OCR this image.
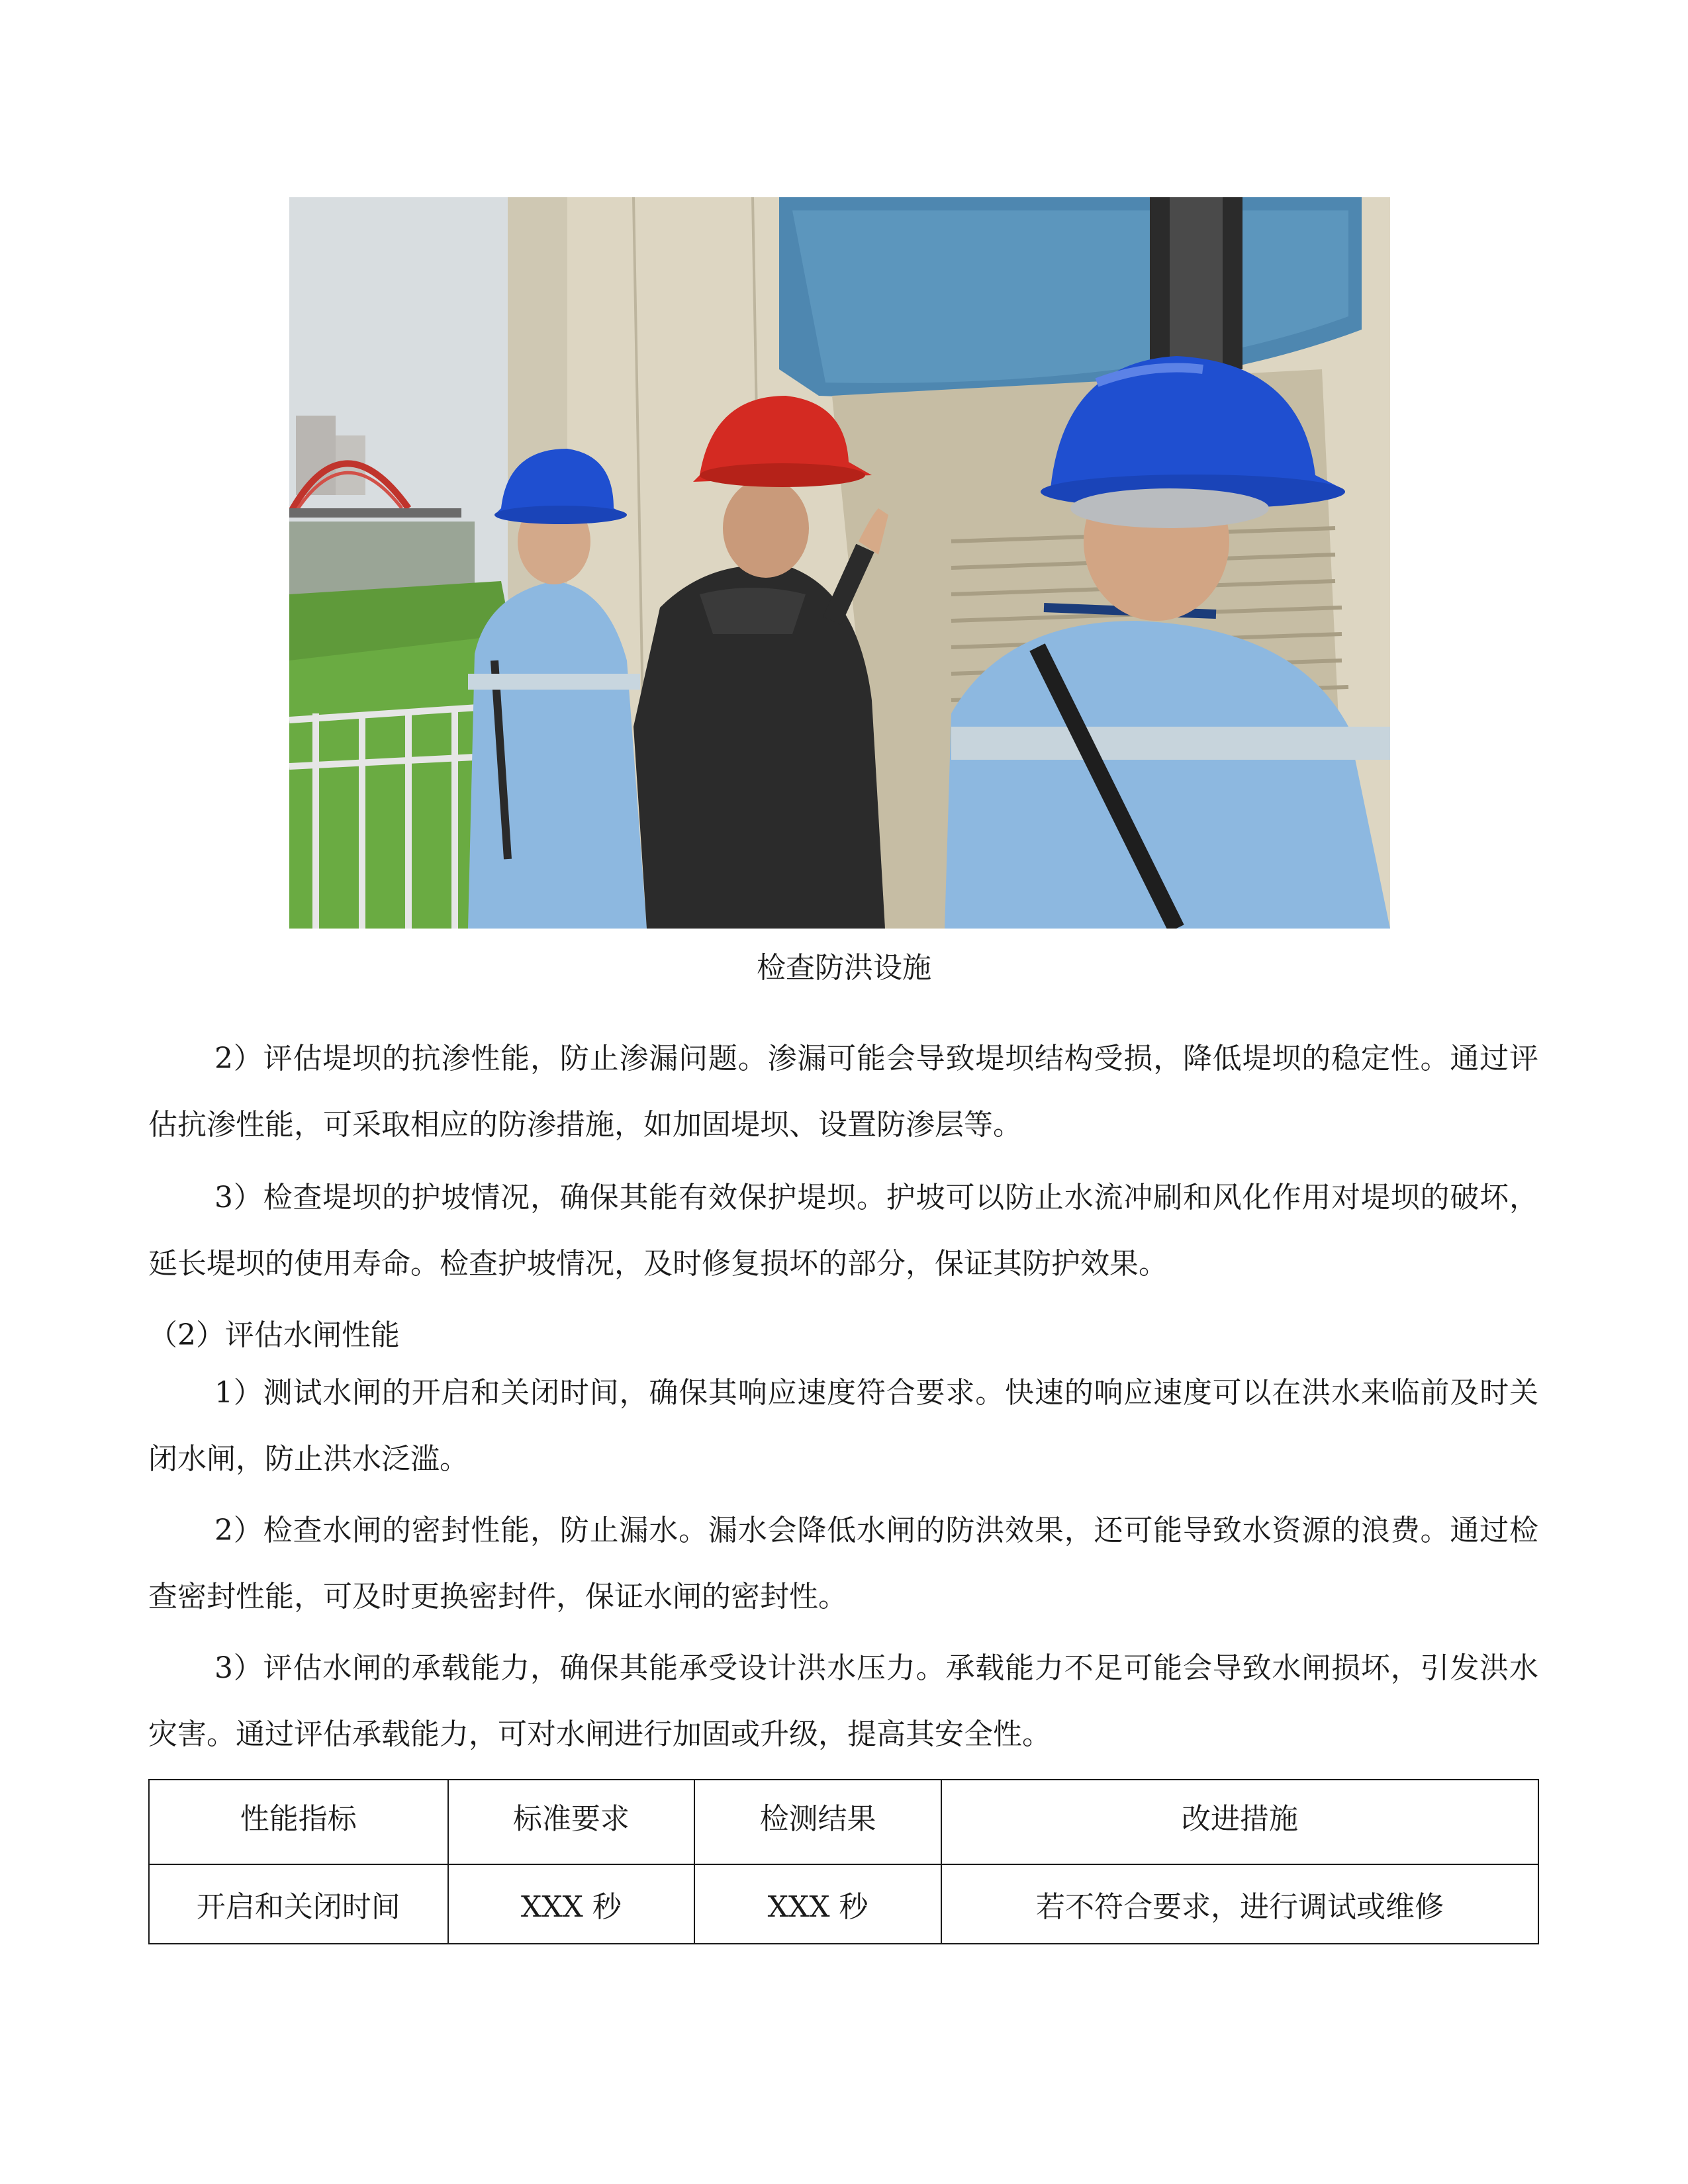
检查防洪设施

2）评估堤坝的抗渗性能，防止渗漏问题。渗漏可能会导致堤坝结构受损，降低堤坝的稳定性。通过评估抗渗性能，可采取相应的防渗措施，如加固堤坝、设置防渗层等。

3）检查堤坝的护坡情况，确保其能有效保护堤坝。护坡可以防止水流冲刷和风化作用对堤坝的破坏，延长堤坝的使用寿命。检查护坡情况，及时修复损坏的部分，保证其防护效果。

（2）评估水闸性能

1）测试水闸的开启和关闭时间，确保其响应速度符合要求。快速的响应速度可以在洪水来临前及时关闭水闸，防止洪水泛滥。

2）检查水闸的密封性能，防止漏水。漏水会降低水闸的防洪效果，还可能导致水资源的浪费。通过检查密封性能，可及时更换密封件，保证水闸的密封性。

3）评估水闸的承载能力，确保其能承受设计洪水压力。承载能力不足可能会导致水闸损坏，引发洪水灾害。通过评估承载能力，可对水闸进行加固或升级，提高其安全性。

性能指标	标准要求	检测结果	改进措施
开启和关闭时间	XXX 秒	XXX 秒	若不符合要求，进行调试或维修
